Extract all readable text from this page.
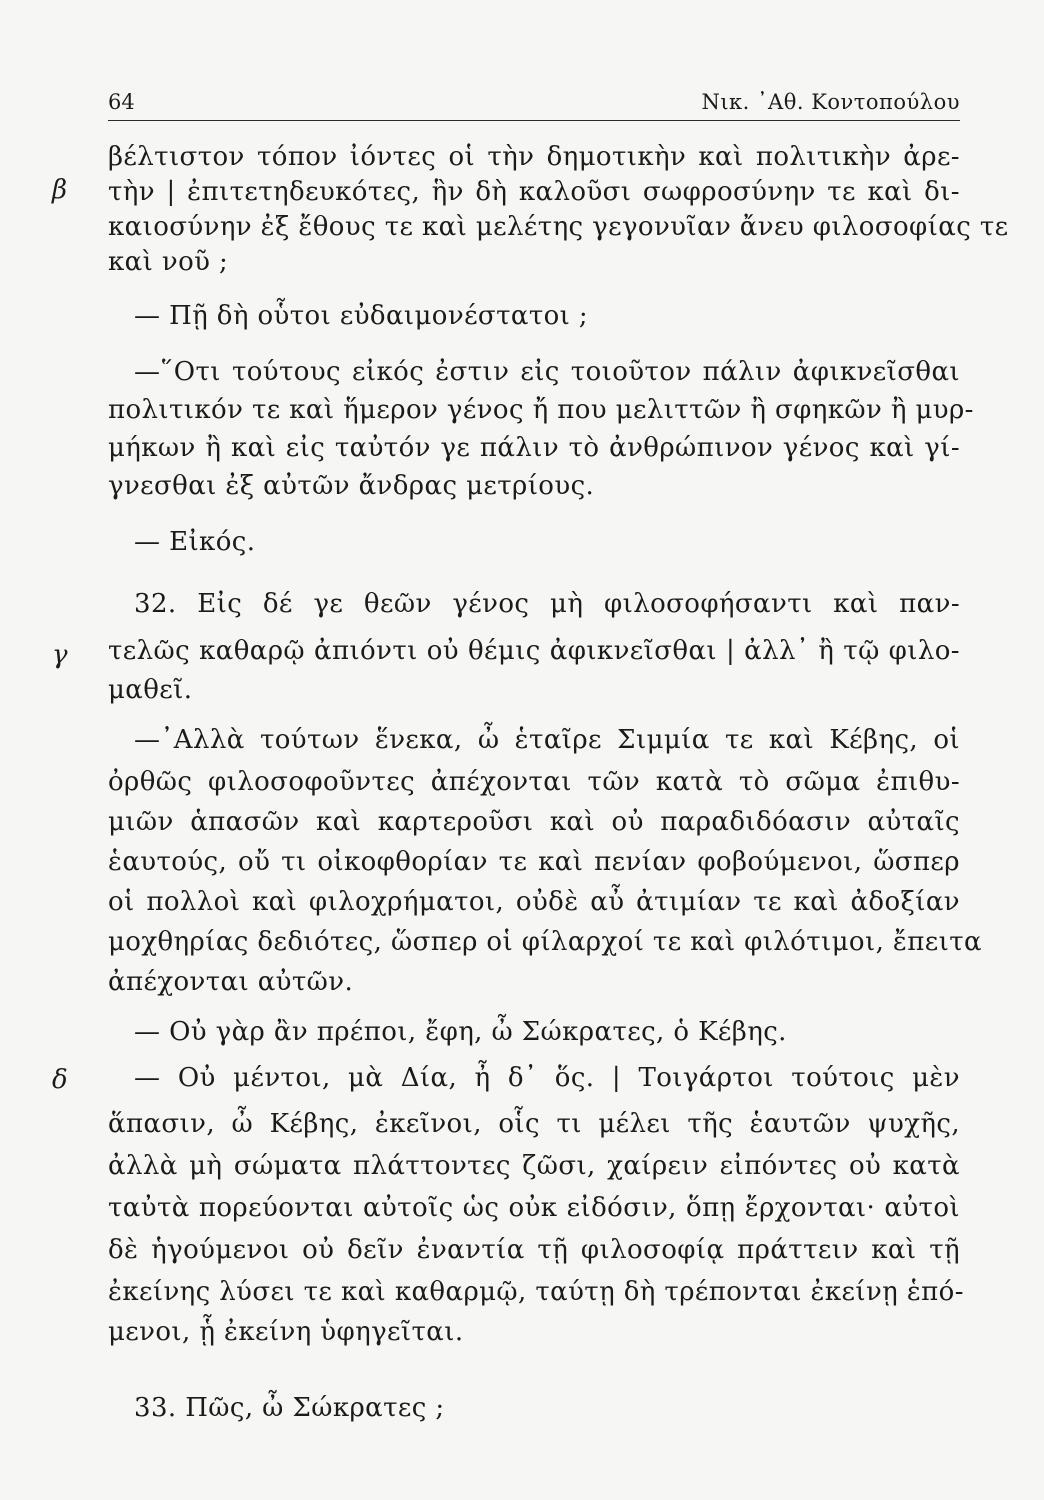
64	Νικ. ᾿Αθ. Κοντοπούλου
β
γ
δ
βέλτιστον τόπον ἰόντες οἱ τὴν δημοτικὴν καὶ πολιτικὴν ἀρε-
τὴν | ἐπιτετηδευκότες, ἣν δὴ καλοῦσι σωφροσύνην τε καὶ δι-
καιοσύνην ἐξ ἔθους τε καὶ μελέτης γεγονυῖαν ἄνευ φιλοσοφίας τε
καὶ νοῦ ;
— Πῇ δὴ οὗτοι εὐδαιμονέστατοι ;
—῞Οτι τούτους εἰκός ἐστιν εἰς τοιοῦτον πάλιν ἀφικνεῖσθαι
πολιτικόν τε καὶ ἥμερον γένος ἤ που μελιττῶν ἢ σφηκῶν ἢ μυρ-
μήκων ἢ καὶ εἰς ταὐτόν γε πάλιν τὸ ἀνθρώπινον γένος καὶ γί-
γνεσθαι ἐξ αὐτῶν ἄνδρας μετρίους.
— Εἰκός.
32. Εἰς δέ γε θεῶν γένος μὴ φιλοσοφήσαντι καὶ παν-
τελῶς καθαρῷ ἀπιόντι οὐ θέμις ἀφικνεῖσθαι | ἀλλ᾿ ἢ τῷ φιλο-
μαθεῖ.
—᾿Αλλὰ τούτων ἕνεκα, ὦ ἑταῖρε Σιμμία τε καὶ Κέβης, οἱ
ὀρθῶς φιλοσοφοῦντες ἀπέχονται τῶν κατὰ τὸ σῶμα ἐπιθυ-
μιῶν ἁπασῶν καὶ καρτεροῦσι καὶ οὐ παραδιδόασιν αὐταῖς
ἑαυτούς, οὔ τι οἰκοφθορίαν τε καὶ πενίαν φοβούμενοι, ὥσπερ
οἱ πολλοὶ καὶ φιλοχρήματοι, οὐδὲ αὖ ἀτιμίαν τε καὶ ἀδοξίαν
μοχθηρίας δεδιότες, ὥσπερ οἱ φίλαρχοί τε καὶ φιλότιμοι, ἔπειτα
ἀπέχονται αὐτῶν.
— Οὐ γὰρ ἂν πρέποι, ἔφη, ὦ Σώκρατες, ὁ Κέβης.
— Οὐ μέντοι, μὰ Δία, ἦ δ᾿ ὅς. | Τοιγάρτοι τούτοις μὲν
ἅπασιν, ὦ Κέβης, ἐκεῖνοι, οἷς τι μέλει τῆς ἑαυτῶν ψυχῆς,
ἀλλὰ μὴ σώματα πλάττοντες ζῶσι, χαίρειν εἰπόντες οὐ κατὰ
ταὐτὰ πορεύονται αὐτοῖς ὡς οὐκ εἰδόσιν, ὅπῃ ἔρχονται· αὐτοὶ
δὲ ἡγούμενοι οὐ δεῖν ἐναντία τῇ φιλοσοφίᾳ πράττειν καὶ τῇ
ἐκείνης λύσει τε καὶ καθαρμῷ, ταύτῃ δὴ τρέπονται ἐκείνῃ ἑπό-
μενοι, ᾗ ἐκείνη ὑφηγεῖται.
33. Πῶς, ὦ Σώκρατες ;
